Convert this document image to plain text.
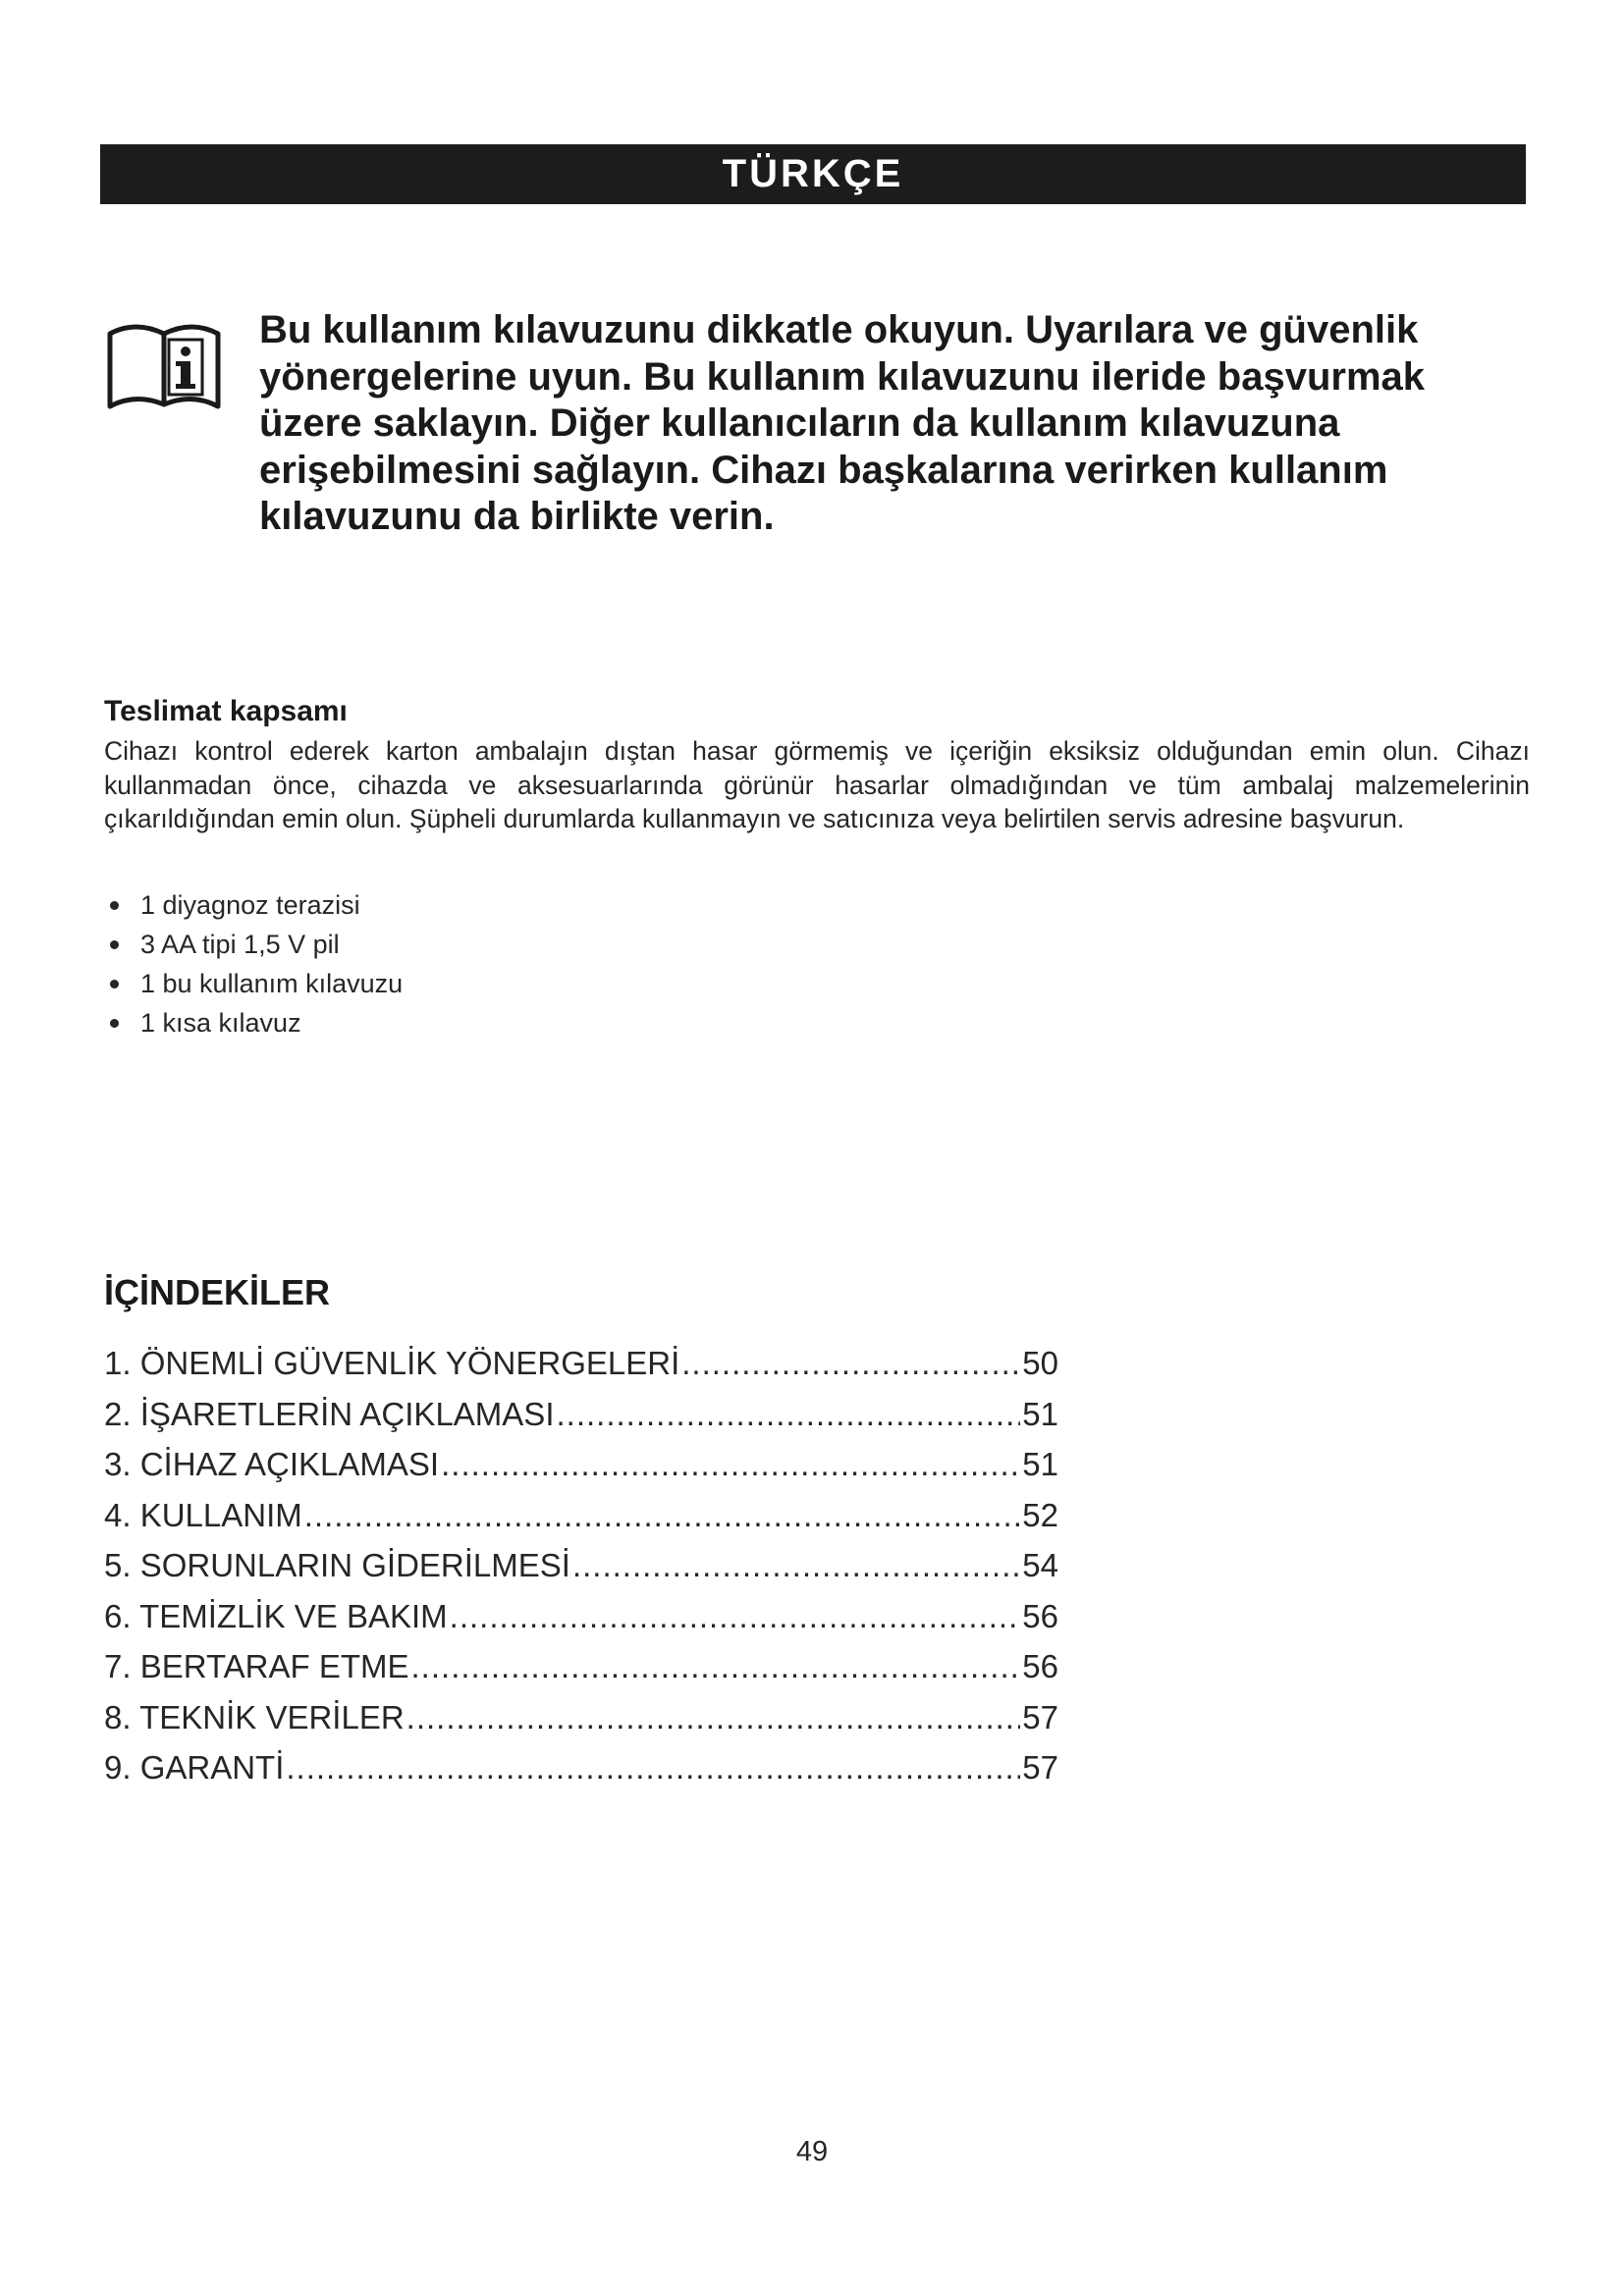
TÜRKÇE
Bu kullanım kılavuzunu dikkatle okuyun. Uyarılara ve güvenlik
yönergelerine uyun. Bu kullanım kılavuzunu ileride başvurmak
üzere saklayın. Diğer kullanıcıların da kullanım kılavuzuna
erişebilmesini sağlayın. Cihazı başkalarına verirken kullanım
kılavuzunu da birlikte verin.
Teslimat kapsamı

Cihazı kontrol ederek karton ambalajın dıştan hasar görmemiş ve içeriğin eksiksiz olduğundan emin olun. Cihazı kullanmadan önce, cihazda ve aksesuarlarında görünür hasarlar olmadığından ve tüm ambalaj malzemelerinin çıkarıldığından emin olun. Şüpheli durumlarda kullanmayın ve satıcınıza veya belirtilen servis adresine başvurun.

1 diyagnoz terazisi
3 AA tipi 1,5 V pil
1 bu kullanım kılavuzu
1 kısa kılavuz
İÇİNDEKİLER
1. ÖNEMLİ GÜVENLİK YÖNERGELERİ .....	50
2. İŞARETLERİN AÇIKLAMASI .....	51
3. CİHAZ AÇIKLAMASI .....	51
4. KULLANIM .....	52
5. SORUNLARIN GİDERİLMESİ .....	54
6. TEMİZLİK VE BAKIM .....	56
7. BERTARAF ETME .....	56
8. TEKNİK VERİLER .....	57
9. GARANTİ .....	57
49
